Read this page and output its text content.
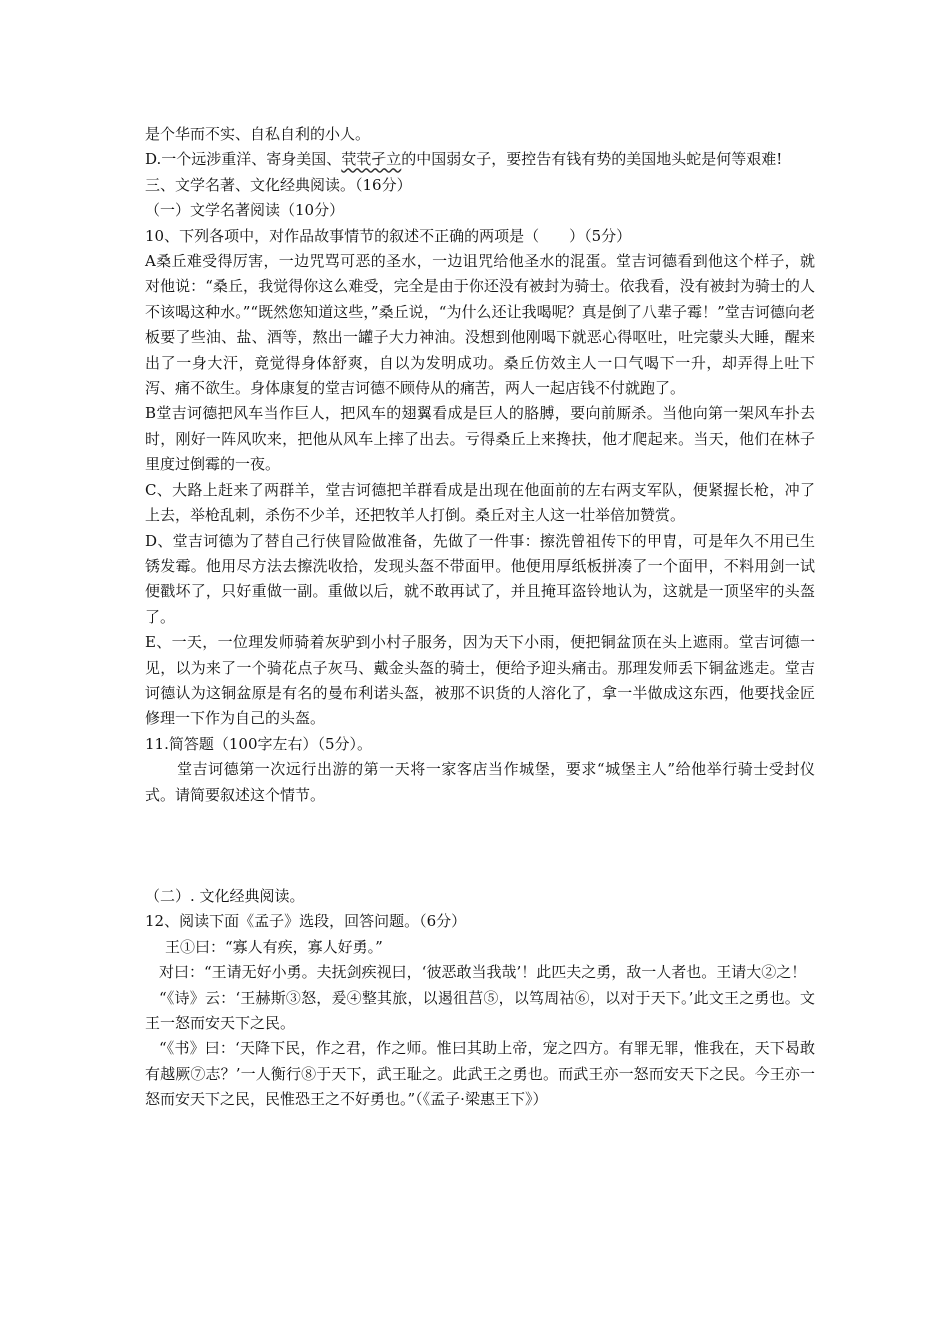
是个华而不实、自私自利的小人。

D.一个远涉重洋、寄身美国、茕茕孑立的中国弱女子，要控告有钱有势的美国地头蛇是何等艰难!

三、文学名著、文化经典阅读。（16分）

（一）文学名著阅读（10分）

10、下列各项中，对作品故事情节的叙述不正确的两项是（　　）（5分）

A桑丘难受得厉害，一边咒骂可恶的圣水，一边诅咒给他圣水的混蛋。堂吉诃德看到他这个样子，就对他说：“桑丘，我觉得你这么难受，完全是由于你还没有被封为骑士。依我看，没有被封为骑士的人不该喝这种水。”“既然您知道这些，”桑丘说，“为什么还让我喝呢？真是倒了八辈子霉！”堂吉诃德向老板要了些油、盐、酒等，熬出一罐子大力神油。没想到他刚喝下就恶心得呕吐，吐完蒙头大睡，醒来出了一身大汗，竟觉得身体舒爽，自以为发明成功。桑丘仿效主人一口气喝下一升，却弄得上吐下泻、痛不欲生。身体康复的堂吉诃德不顾侍从的痛苦，两人一起店钱不付就跑了。

B堂吉诃德把风车当作巨人，把风车的翅翼看成是巨人的胳膊，要向前厮杀。当他向第一架风车扑去时，刚好一阵风吹来，把他从风车上摔了出去。亏得桑丘上来搀扶，他才爬起来。当天，他们在林子里度过倒霉的一夜。

C、大路上赶来了两群羊，堂吉诃德把羊群看成是出现在他面前的左右两支军队，便紧握长枪，冲了上去，举枪乱刺，杀伤不少羊，还把牧羊人打倒。桑丘对主人这一壮举倍加赞赏。

D、堂吉诃德为了替自己行侠冒险做准备，先做了一件事：擦洗曾祖传下的甲胄，可是年久不用已生锈发霉。他用尽方法去擦洗收拾，发现头盔不带面甲。他便用厚纸板拼凑了一个面甲，不料用剑一试便戳坏了，只好重做一副。重做以后，就不敢再试了，并且掩耳盗铃地认为，这就是一顶坚牢的头盔了。

E、一天，一位理发师骑着灰驴到小村子服务，因为天下小雨，便把铜盆顶在头上遮雨。堂吉诃德一见，以为来了一个骑花点子灰马、戴金头盔的骑士，便给予迎头痛击。那理发师丢下铜盆逃走。堂吉诃德认为这铜盆原是有名的曼布利诺头盔，被那不识货的人溶化了，拿一半做成这东西，他要找金匠修理一下作为自己的头盔。

11.简答题（100字左右）（5分）。

堂吉诃德第一次远行出游的第一天将一家客店当作城堡，要求“城堡主人”给他举行骑士受封仪式。请简要叙述这个情节。

（二）. 文化经典阅读。

12、阅读下面《孟子》选段，回答问题。（6分）

王①曰：“寡人有疾，寡人好勇。”

对曰：“王请无好小勇。夫抚剑疾视曰，‘彼恶敢当我哉’！此匹夫之勇，敌一人者也。王请大②之！

“《诗》云：‘王赫斯③怒，爰④整其旅，以遏徂莒⑤，以笃周祜⑥，以对于天下。’此文王之勇也。文王一怒而安天下之民。

“《书》曰：‘天降下民，作之君，作之师。惟曰其助上帝，宠之四方。有罪无罪，惟我在，天下曷敢有越厥⑦志？’一人衡行⑧于天下，武王耻之。此武王之勇也。而武王亦一怒而安天下之民。今王亦一怒而安天下之民，民惟恐王之不好勇也。”（《孟子·梁惠王下》）
